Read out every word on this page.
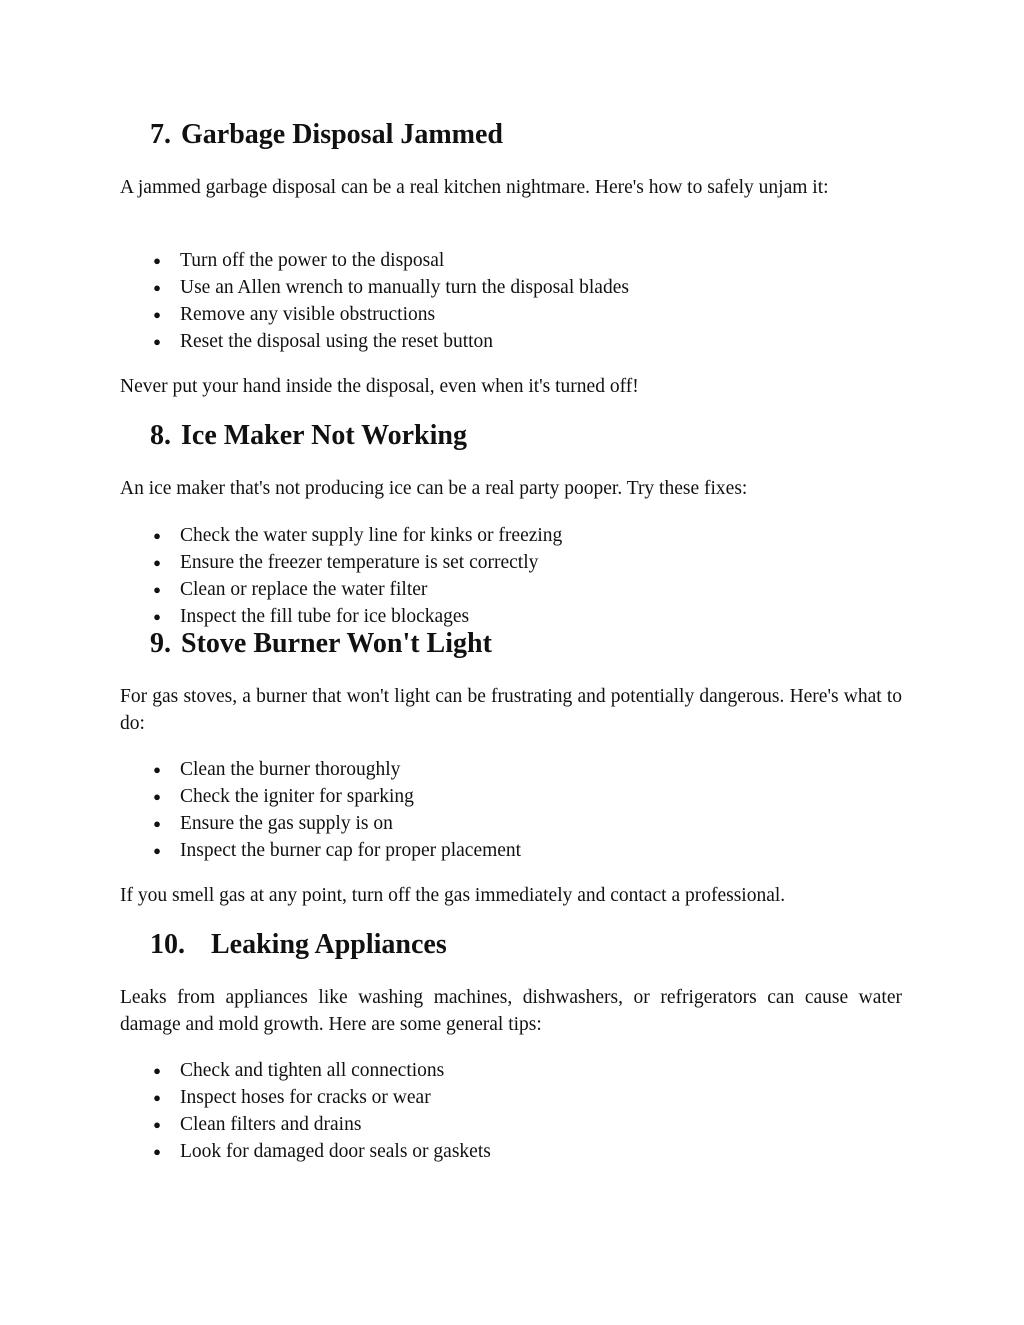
7. Garbage Disposal Jammed

A jammed garbage disposal can be a real kitchen nightmare. Here's how to safely unjam it:

● Turn off the power to the disposal
● Use an Allen wrench to manually turn the disposal blades
● Remove any visible obstructions
● Reset the disposal using the reset button

Never put your hand inside the disposal, even when it's turned off!

8. Ice Maker Not Working

An ice maker that's not producing ice can be a real party pooper. Try these fixes:

● Check the water supply line for kinks or freezing
● Ensure the freezer temperature is set correctly
● Clean or replace the water filter
● Inspect the fill tube for ice blockages
9. Stove Burner Won't Light

For gas stoves, a burner that won't light can be frustrating and potentially dangerous. Here's what to do:

● Clean the burner thoroughly
● Check the igniter for sparking
● Ensure the gas supply is on
● Inspect the burner cap for proper placement

If you smell gas at any point, turn off the gas immediately and contact a professional.

10. Leaking Appliances

Leaks from appliances like washing machines, dishwashers, or refrigerators can cause water damage and mold growth. Here are some general tips:

● Check and tighten all connections
● Inspect hoses for cracks or wear
● Clean filters and drains
● Look for damaged door seals or gaskets
